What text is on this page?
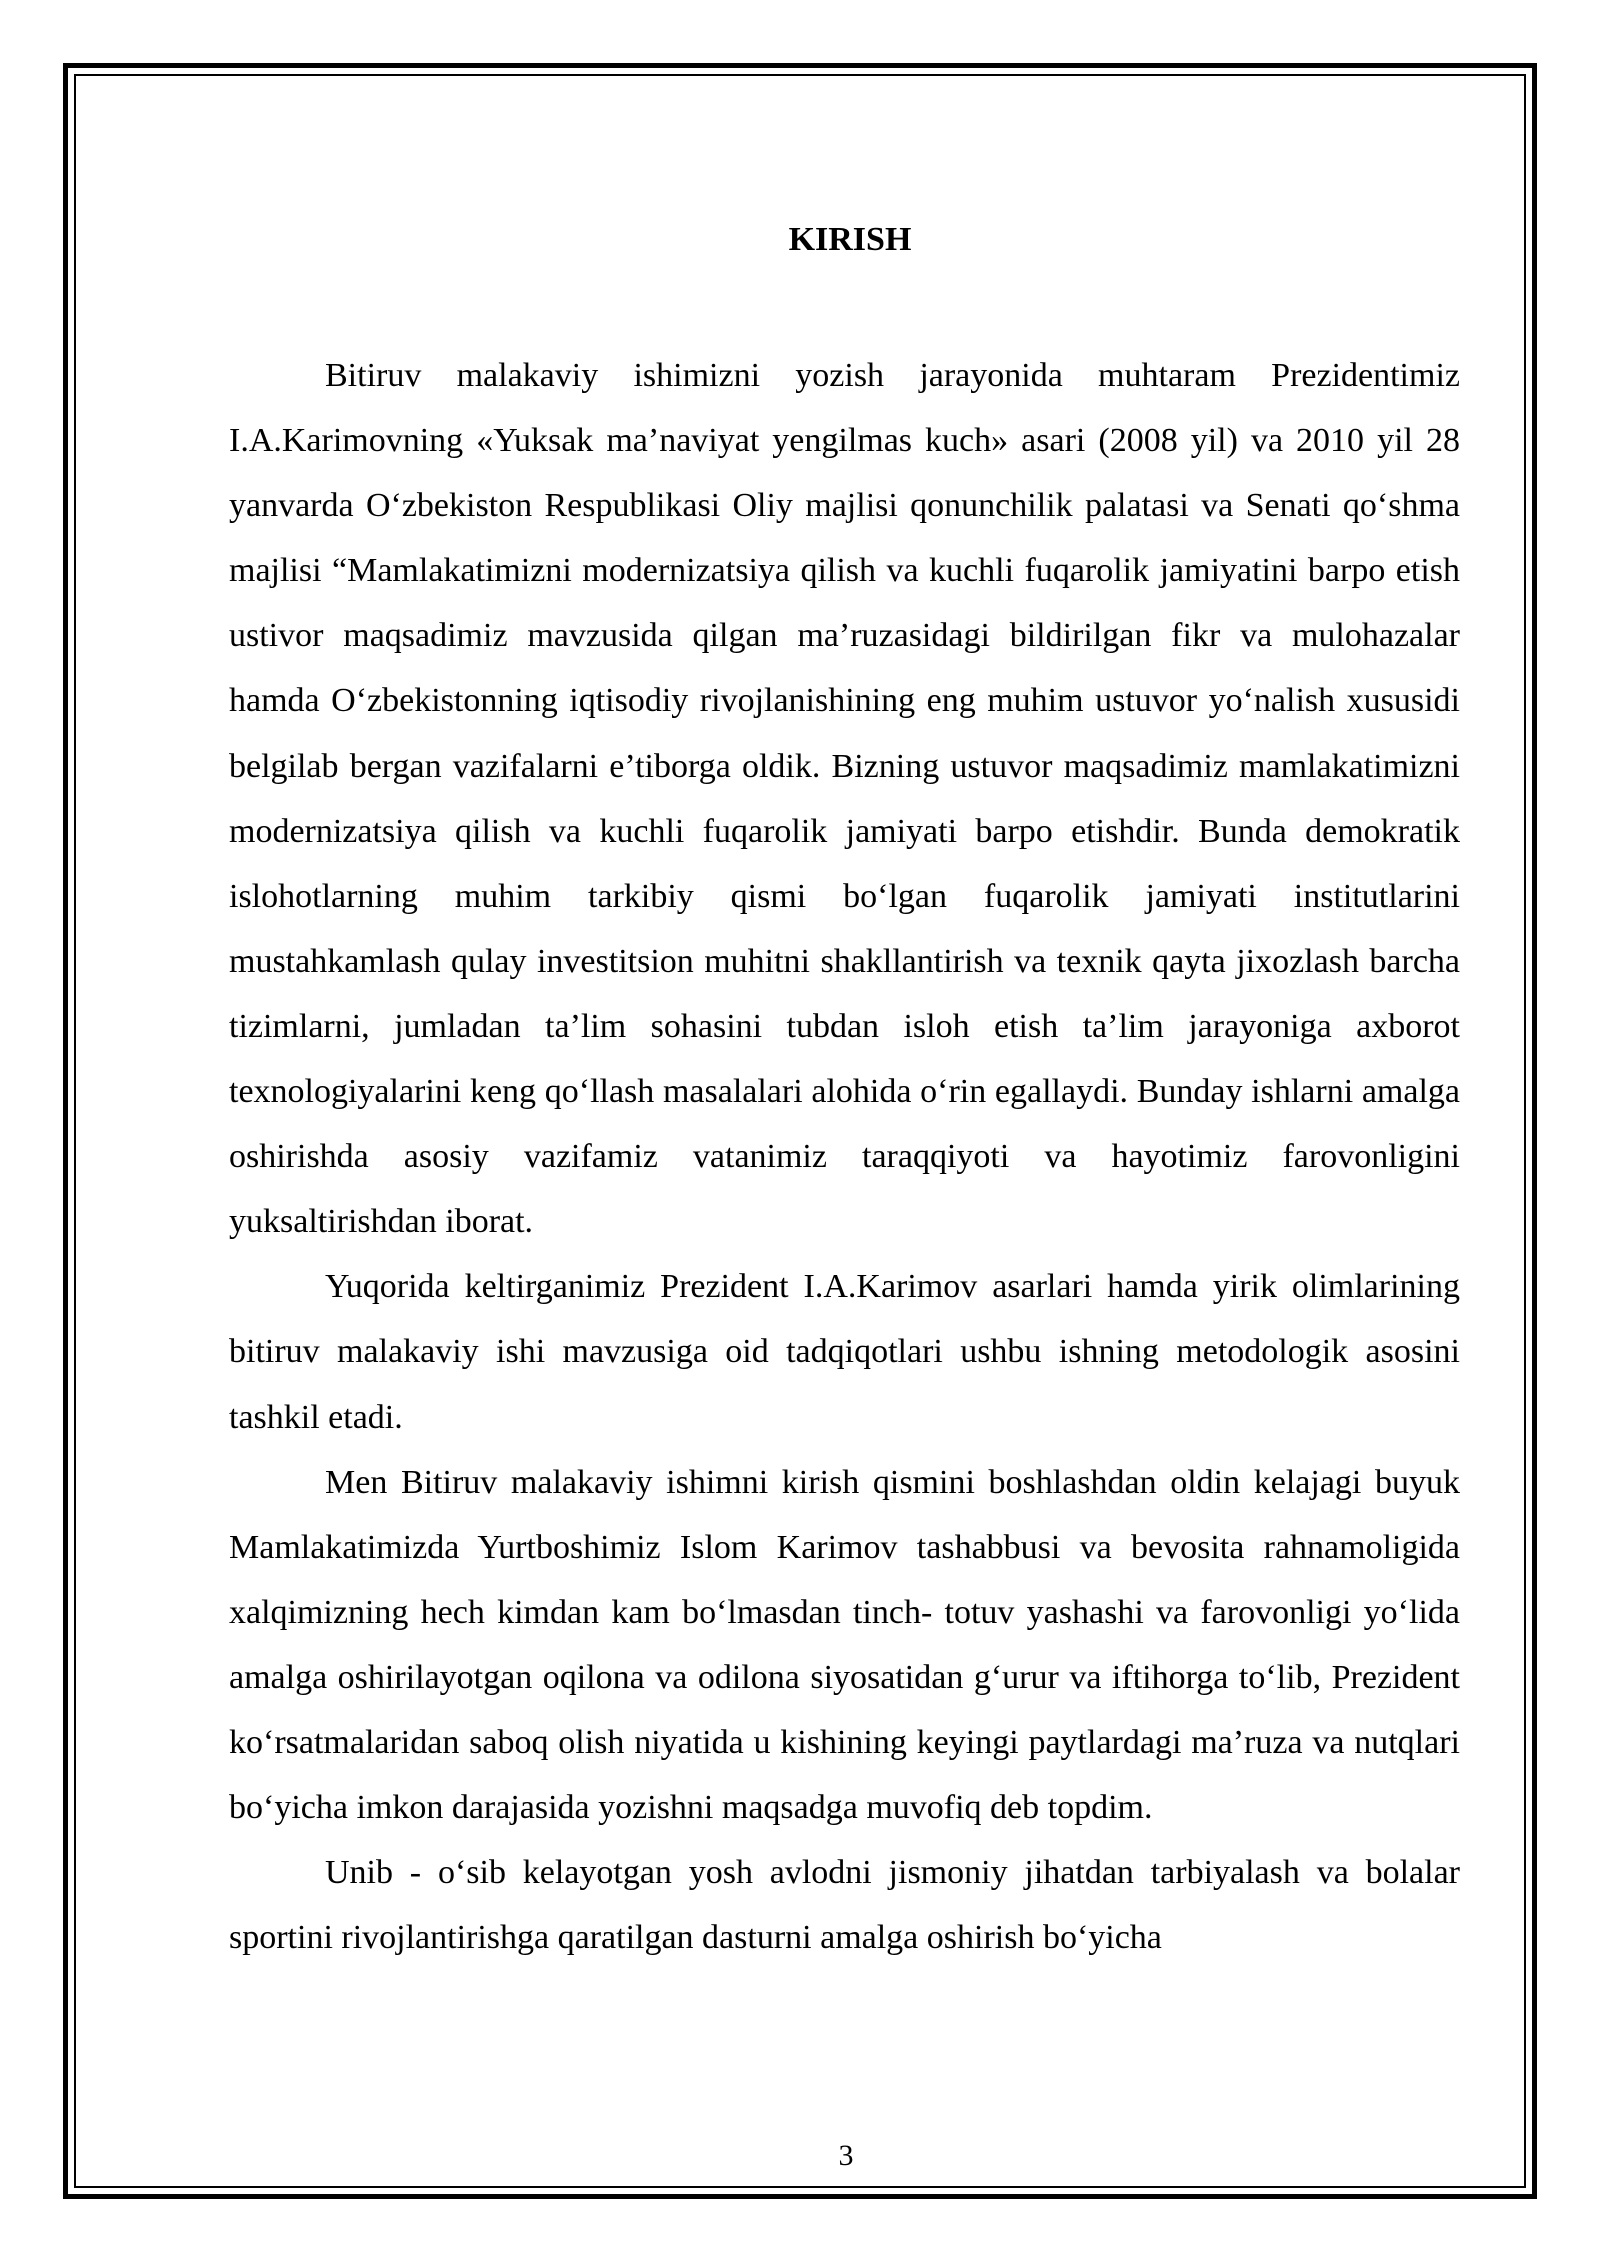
KIRISH

Bitiruv malakaviy ishimizni yozish jarayonida muhtaram Prezidentimiz I.A.Karimovning «Yuksak ma’naviyat yengilmas kuch» asari (2008 yil) va 2010 yil 28 yanvarda O‘zbekiston Respublikasi Oliy majlisi qonunchilik palatasi va Senati qo‘shma majlisi “Mamlakatimizni modernizatsiya qilish va kuchli fuqarolik jamiyatini barpo etish ustivor maqsadimiz mavzusida qilgan ma’ruzasidagi bildirilgan fikr va mulohazalar hamda O‘zbekistonning iqtisodiy rivojlanishining eng muhim ustuvor yo‘nalish xususidi belgilab bergan vazifalarni e’tiborga oldik. Bizning ustuvor maqsadimiz mamlakatimizni modernizatsiya qilish va kuchli fuqarolik jamiyati barpo etishdir. Bunda demokratik islohotlarning muhim tarkibiy qismi bo‘lgan fuqarolik jamiyati institutlarini mustahkamlash qulay investitsion muhitni shakllantirish va texnik qayta jixozlash barcha tizimlarni, jumladan ta’lim sohasini tubdan isloh etish ta’lim jarayoniga axborot texnologiyalarini keng qo‘llash masalalari alohida o‘rin egallaydi. Bunday ishlarni amalga oshirishda asosiy vazifamiz vatanimiz taraqqiyoti va hayotimiz farovonligini yuksaltirishdan iborat.

Yuqorida keltirganimiz Prezident I.A.Karimov asarlari hamda yirik olimlarining bitiruv malakaviy ishi mavzusiga oid tadqiqotlari ushbu ishning metodologik asosini tashkil etadi.

Men Bitiruv malakaviy ishimni kirish qismini boshlashdan oldin kelajagi buyuk Mamlakatimizda Yurtboshimiz Islom Karimov tashabbusi va bevosita rahnamoligida xalqimizning hech kimdan kam bo‘lmasdan tinch- totuv yashashi va farovonligi yo‘lida amalga oshirilayotgan oqilona va odilona siyosatidan g‘urur va iftihorga to‘lib, Prezident ko‘rsatmalaridan saboq olish niyatida u kishining keyingi paytlardagi ma’ruza va nutqlari bo‘yicha imkon darajasida yozishni maqsadga muvofiq deb topdim.

Unib - o‘sib kelayotgan yosh avlodni jismoniy jihatdan tarbiyalash va bolalar sportini rivojlantirishga qaratilgan dasturni amalga oshirish bo‘yicha

3
